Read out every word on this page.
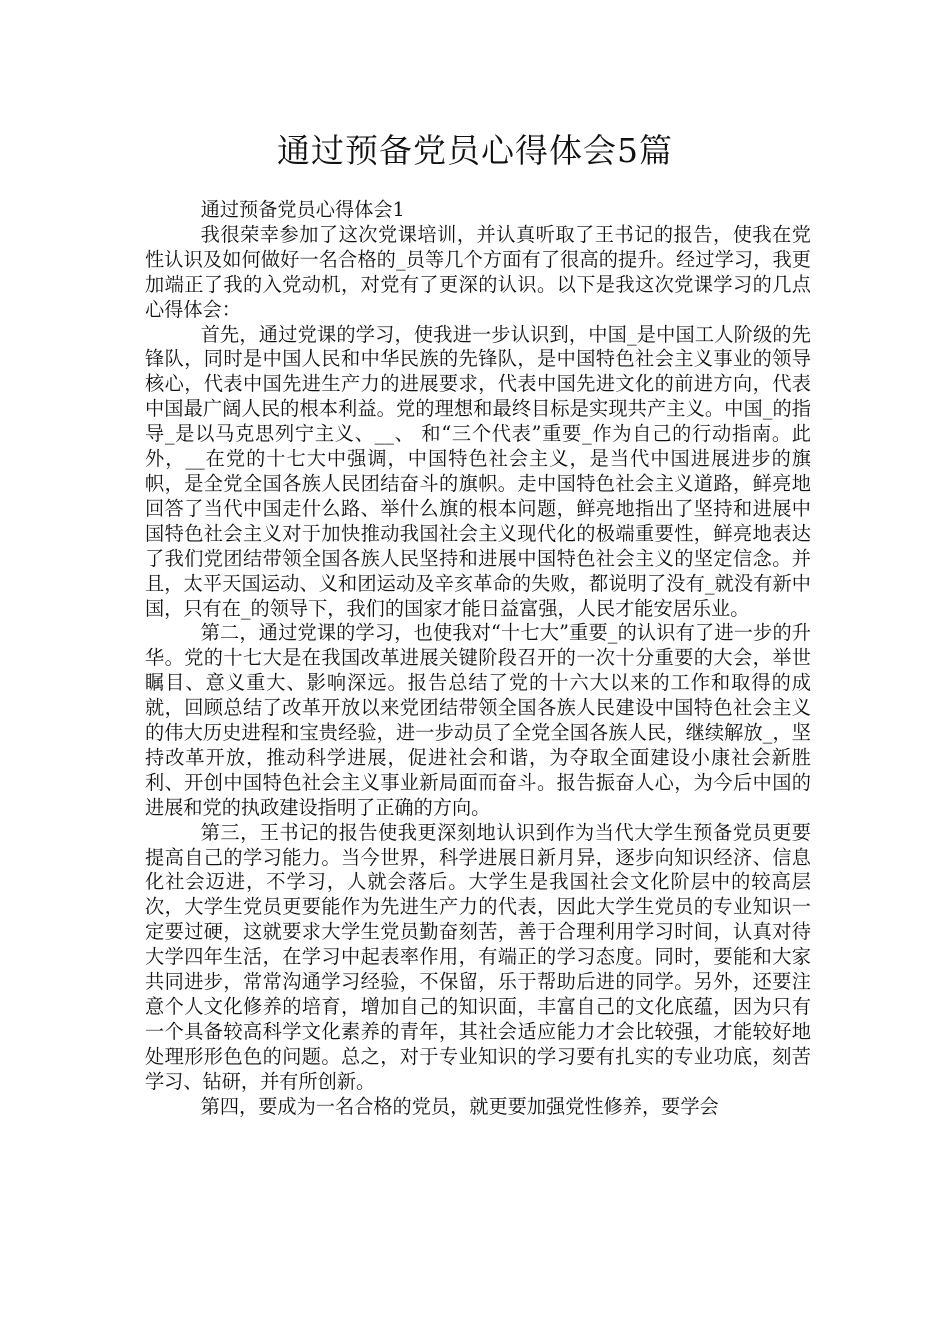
通过预备党员心得体会5篇

通过预备党员心得体会1

我很荣幸参加了这次党课培训，并认真听取了王书记的报告，使我在党性认识及如何做好一名合格的_员等几个方面有了很高的提升。经过学习，我更加端正了我的入党动机，对党有了更深的认识。以下是我这次党课学习的几点心得体会：

首先，通过党课的学习，使我进一步认识到，中国_是中国工人阶级的先锋队，同时是中国人民和中华民族的先锋队，是中国特色社会主义事业的领导核心，代表中国先进生产力的进展要求，代表中国先进文化的前进方向，代表中国最广阔人民的根本利益。党的理想和最终目标是实现共产主义。中国_的指导_是以马克思列宁主义、__、 和“三个代表”重要_作为自己的行动指南。此外，__在党的十七大中强调，中国特色社会主义，是当代中国进展进步的旗帜，是全党全国各族人民团结奋斗的旗帜。走中国特色社会主义道路，鲜亮地回答了当代中国走什么路、举什么旗的根本问题，鲜亮地指出了坚持和进展中国特色社会主义对于加快推动我国社会主义现代化的极端重要性，鲜亮地表达了我们党团结带领全国各族人民坚持和进展中国特色社会主义的坚定信念。并且，太平天国运动、义和团运动及辛亥革命的失败，都说明了没有_就没有新中国，只有在_的领导下，我们的国家才能日益富强，人民才能安居乐业。

第二，通过党课的学习，也使我对“十七大”重要_的认识有了进一步的升华。党的十七大是在我国改革进展关键阶段召开的一次十分重要的大会，举世瞩目、意义重大、影响深远。报告总结了党的十六大以来的工作和取得的成就，回顾总结了改革开放以来党团结带领全国各族人民建设中国特色社会主义的伟大历史进程和宝贵经验，进一步动员了全党全国各族人民，继续解放_，坚持改革开放，推动科学进展，促进社会和谐，为夺取全面建设小康社会新胜利、开创中国特色社会主义事业新局面而奋斗。报告振奋人心，为今后中国的进展和党的执政建设指明了正确的方向。

第三，王书记的报告使我更深刻地认识到作为当代大学生预备党员更要提高自己的学习能力。当今世界，科学进展日新月异，逐步向知识经济、信息化社会迈进，不学习，人就会落后。大学生是我国社会文化阶层中的较高层次，大学生党员更要能作为先进生产力的代表，因此大学生党员的专业知识一定要过硬，这就要求大学生党员勤奋刻苦，善于合理利用学习时间，认真对待大学四年生活，在学习中起表率作用，有端正的学习态度。同时，要能和大家共同进步，常常沟通学习经验，不保留，乐于帮助后进的同学。另外，还要注意个人文化修养的培育，增加自己的知识面，丰富自己的文化底蕴，因为只有一个具备较高科学文化素养的青年，其社会适应能力才会比较强，才能较好地处理形形色色的问题。总之，对于专业知识的学习要有扎实的专业功底，刻苦学习、钻研，并有所创新。

第四，要成为一名合格的党员，就更要加强党性修养，要学会
